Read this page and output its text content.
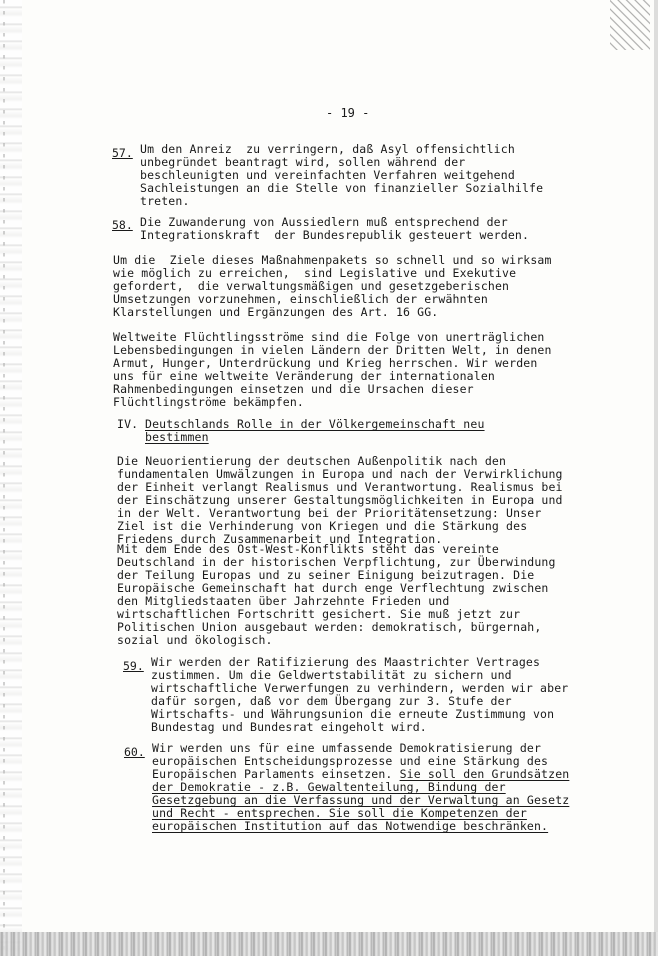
- 19 -
57. Um den Anreiz  zu verringern, daß Asyl offensichtlich
unbegründet beantragt wird, sollen während der
beschleunigten und vereinfachten Verfahren weitgehend
Sachleistungen an die Stelle von finanzieller Sozialhilfe
treten.
58. Die Zuwanderung von Aussiedlern muß entsprechend der
Integrationskraft  der Bundesrepublik gesteuert werden.
Um die  Ziele dieses Maßnahmenpakets so schnell und so wirksam
wie möglich zu erreichen,  sind Legislative und Exekutive
gefordert,  die verwaltungsmäßigen und gesetzgeberischen
Umsetzungen vorzunehmen, einschließlich der erwähnten
Klarstellungen und Ergänzungen des Art. 16 GG.
Weltweite Flüchtlingsströme sind die Folge von unerträglichen
Lebensbedingungen in vielen Ländern der Dritten Welt, in denen
Armut, Hunger, Unterdrückung und Krieg herrschen. Wir werden
uns für eine weltweite Veränderung der internationalen
Rahmenbedingungen einsetzen und die Ursachen dieser
Flüchtlingströme bekämpfen.
IV. Deutschlands Rolle in der Völkergemeinschaft neu
bestimmen
Die Neuorientierung der deutschen Außenpolitik nach den
fundamentalen Umwälzungen in Europa und nach der Verwirklichung
der Einheit verlangt Realismus und Verantwortung. Realismus bei
der Einschätzung unserer Gestaltungsmöglichkeiten in Europa und
in der Welt. Verantwortung bei der Prioritätensetzung: Unser
Ziel ist die Verhinderung von Kriegen und die Stärkung des
Friedens durch Zusammenarbeit und Integration.
Mit dem Ende des Ost-West-Konflikts steht das vereinte
Deutschland in der historischen Verpflichtung, zur Überwindung
der Teilung Europas und zu seiner Einigung beizutragen. Die
Europäische Gemeinschaft hat durch enge Verflechtung zwischen
den Mitgliedstaaten über Jahrzehnte Frieden und
wirtschaftlichen Fortschritt gesichert. Sie muß jetzt zur
Politischen Union ausgebaut werden: demokratisch, bürgernah,
59. Wir werden der Ratifizierung des Maastrichter Vertrages
zustimmen. Um die Geldwertstabilität zu sichern und
wirtschaftliche Verwerfungen zu verhindern, werden wir aber
dafür sorgen, daß vor dem Übergang zur 3. Stufe der
Wirtschafts- und Währungsunion die erneute Zustimmung von
Bundestag und Bundesrat eingeholt wird.
60. Wir werden uns für eine umfassende Demokratisierung der
europäischen Entscheidungsprozesse und eine Stärkung des
Europäischen Parlaments einsetzen. Sie soll den Grundsätzen
der Demokratie - z.B. Gewaltenteilung, Bindung der
Gesetzgebung an die Verfassung und der Verwaltung an Gesetz
und Recht - entsprechen. Sie soll die Kompetenzen der
europäischen Institution auf das Notwendige beschränken.
sozial und ökologisch.
